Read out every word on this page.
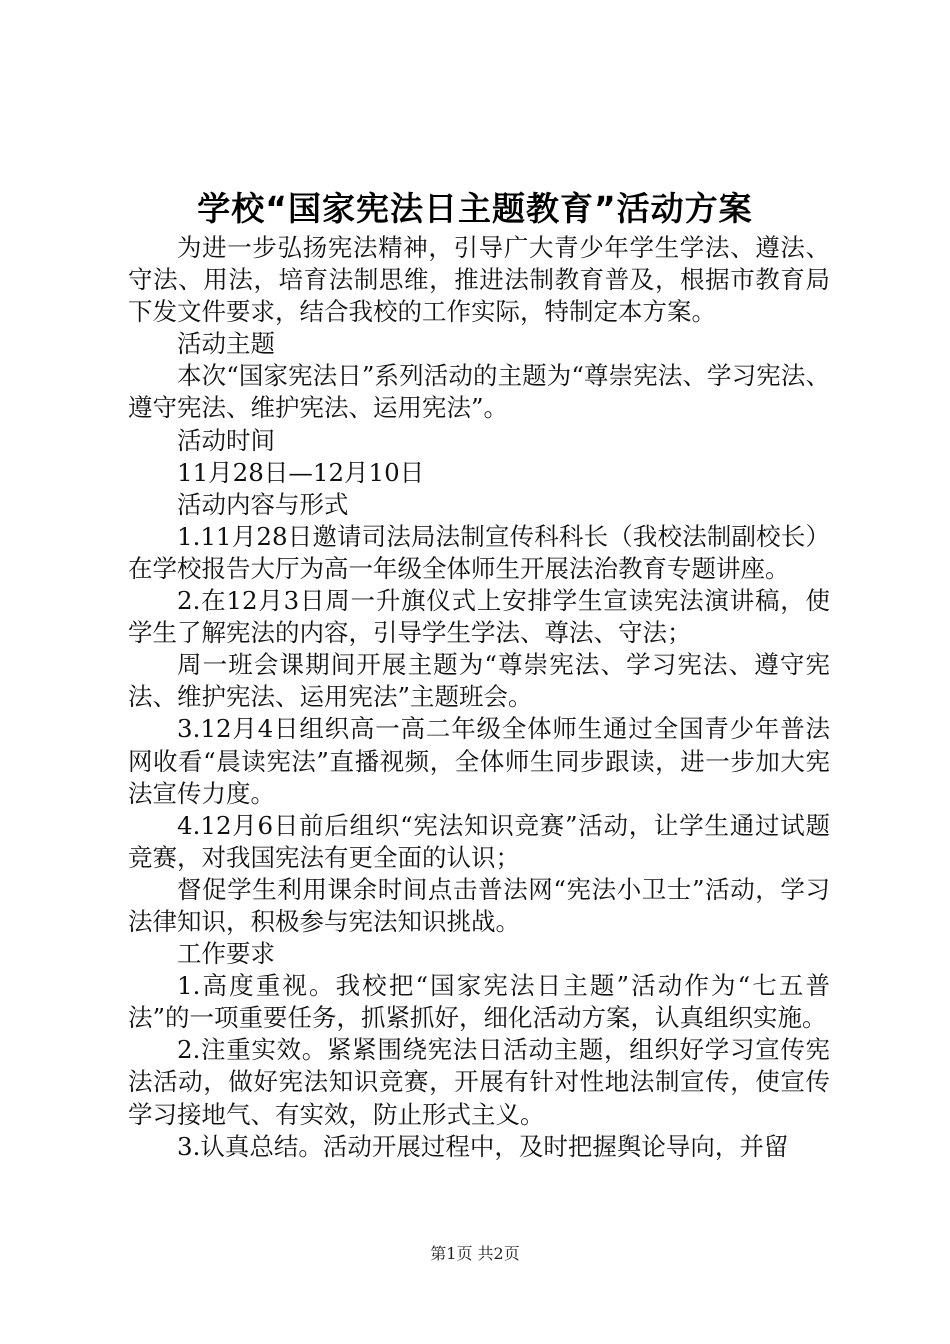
学校“国家宪法日主题教育”活动方案

为进一步弘扬宪法精神，引导广大青少年学生学法、遵法、守法、用法，培育法制思维，推进法制教育普及，根据市教育局下发文件要求，结合我校的工作实际，特制定本方案。

活动主题

本次“国家宪法日”系列活动的主题为“尊崇宪法、学习宪法、遵守宪法、维护宪法、运用宪法”。

活动时间

11月28日—12月10日

活动内容与形式

1.11月28日邀请司法局法制宣传科科长（我校法制副校长）在学校报告大厅为高一年级全体师生开展法治教育专题讲座。

2.在12月3日周一升旗仪式上安排学生宣读宪法演讲稿，使学生了解宪法的内容，引导学生学法、尊法、守法；

周一班会课期间开展主题为“尊崇宪法、学习宪法、遵守宪法、维护宪法、运用宪法”主题班会。

3.12月4日组织高一高二年级全体师生通过全国青少年普法网收看“晨读宪法”直播视频，全体师生同步跟读，进一步加大宪法宣传力度。

4.12月6日前后组织“宪法知识竞赛”活动，让学生通过试题竞赛，对我国宪法有更全面的认识；

督促学生利用课余时间点击普法网“宪法小卫士”活动，学习法律知识，积极参与宪法知识挑战。

工作要求

1.高度重视。我校把“国家宪法日主题”活动作为“七五普法”的一项重要任务，抓紧抓好，细化活动方案，认真组织实施。

2.注重实效。紧紧围绕宪法日活动主题，组织好学习宣传宪法活动，做好宪法知识竞赛，开展有针对性地法制宣传，使宣传学习接地气、有实效，防止形式主义。

3.认真总结。活动开展过程中，及时把握舆论导向，并留

第1页 共2页
